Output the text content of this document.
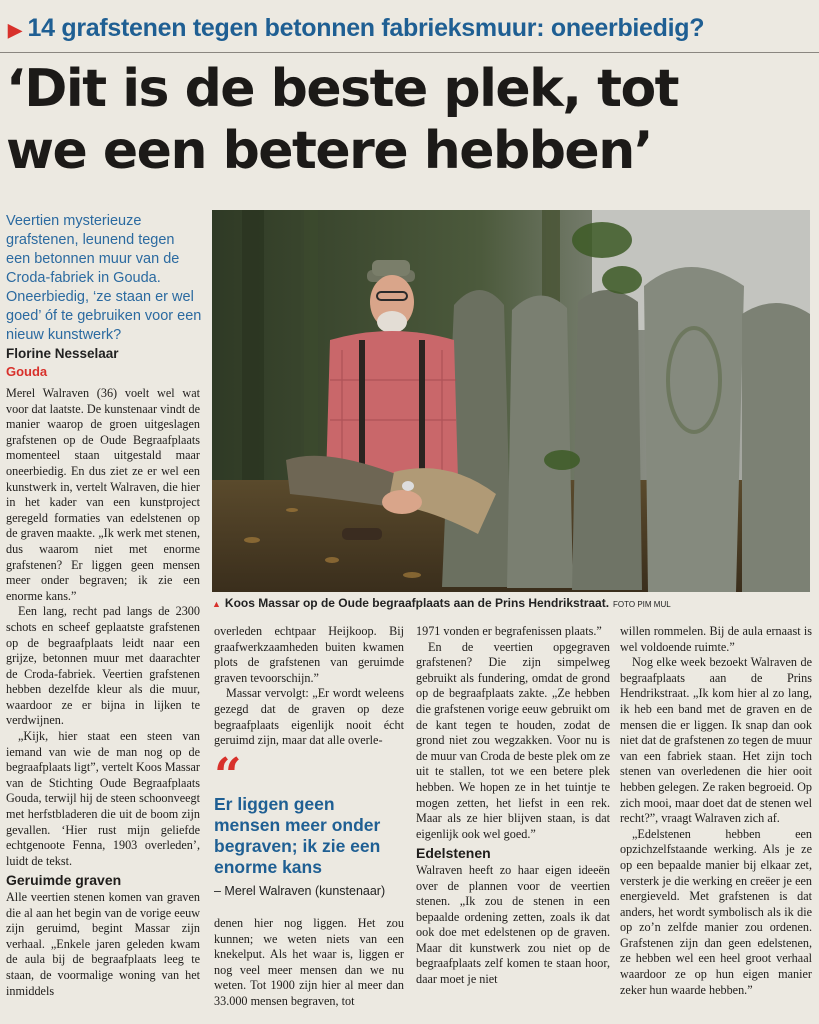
▶ 14 grafstenen tegen betonnen fabrieksmuur: oneerbiedig?
‘Dit is de beste plek, tot
we een betere hebben’
Veertien mysterieuze grafstenen, leunend tegen een betonnen muur van de Croda-fabriek in Gouda. Oneerbiedig, ‘ze staan er wel goed’ óf te gebruiken voor een nieuw kunstwerk?
Florine Nesselaar
Gouda
▲ Koos Massar op de Oude begraafplaats aan de Prins Hendrikstraat. FOTO PIM MUL

Merel Walraven (36) voelt wel wat voor dat laatste. De kunstenaar vindt de manier waarop de groen uitgeslagen grafstenen op de Oude Begraafplaats momenteel staan uitgestald maar oneerbiedig. En dus ziet ze er wel een kunstwerk in, vertelt Walraven, die hier in het kader van een kunstproject geregeld formaties van edelstenen op de graven maakte. „Ik werk met stenen, dus waarom niet met enorme grafstenen? Er liggen geen mensen meer onder begraven; ik zie een enorme kans.”

Een lang, recht pad langs de 2300 schots en scheef geplaatste grafstenen op de begraafplaats leidt naar een grijze, betonnen muur met daarachter de Croda-fabriek. Veertien grafstenen hebben dezelfde kleur als die muur, waardoor ze er bijna in lijken te verdwijnen.

„Kijk, hier staat een steen van iemand van wie de man nog op de begraafplaats ligt”, vertelt Koos Massar van de Stichting Oude Begraafplaats Gouda, terwijl hij de steen schoonveegt met herfstbladeren die uit de boom zijn gevallen. ‘Hier rust mijn geliefde echtgenoote Fenna, 1903 overleden’, luidt de tekst.

Geruimde graven

Alle veertien stenen komen van graven die al aan het begin van de vorige eeuw zijn geruimd, begint Massar zijn verhaal. „Enkele jaren geleden kwam de aula bij de begraafplaats leeg te staan, de voormalige woning van het inmiddels

overleden echtpaar Heijkoop. Bij graafwerkzaamheden buiten kwamen plots de grafstenen van geruimde graven tevoorschijn.”

Massar vervolgt: „Er wordt weleens gezegd dat de graven op deze begraafplaats eigenlijk nooit écht geruimd zijn, maar dat alle overle-

“
Er liggen geen mensen meer onder begraven; ik zie een enorme kans
– Merel Walraven (kunstenaar)

denen hier nog liggen. Het zou kunnen; we weten niets van een knekelput. Als het waar is, liggen er nog veel meer mensen dan we nu weten. Tot 1900 zijn hier al meer dan 33.000 mensen begraven, tot

1971 vonden er begrafenissen plaats.”

En de veertien opgegraven grafstenen? Die zijn simpelweg gebruikt als fundering, omdat de grond op de begraafplaats zakte. „Ze hebben die grafstenen vorige eeuw gebruikt om de kant tegen te houden, zodat de grond niet zou wegzakken. Voor nu is de muur van Croda de beste plek om ze uit te stallen, tot we een betere plek hebben. We hopen ze in het tuintje te mogen zetten, het liefst in een rek. Maar als ze hier blijven staan, is dat eigenlijk ook wel goed.”

Edelstenen

Walraven heeft zo haar eigen ideeën over de plannen voor de veertien stenen. „Ik zou de stenen in een bepaalde ordening zetten, zoals ik dat ook doe met edelstenen op de graven. Maar dit kunstwerk zou niet op de begraafplaats zelf komen te staan hoor, daar moet je niet

willen rommelen. Bij de aula ernaast is wel voldoende ruimte.”

Nog elke week bezoekt Walraven de begraafplaats aan de Prins Hendrikstraat. „Ik kom hier al zo lang, ik heb een band met de graven en de mensen die er liggen. Ik snap dan ook niet dat de grafstenen zo tegen de muur van een fabriek staan. Het zijn toch stenen van overledenen die hier ooit hebben gelegen. Ze raken begroeid. Op zich mooi, maar doet dat de stenen wel recht?”, vraagt Walraven zich af.

„Edelstenen hebben een opzichzelfstaande werking. Als je ze op een bepaalde manier bij elkaar zet, versterk je die werking en creëer je een energieveld. Met grafstenen is dat anders, het wordt symbolisch als ik die op zo’n zelfde manier zou ordenen. Grafstenen zijn dan geen edelstenen, ze hebben wel een heel groot verhaal waardoor ze op hun eigen manier zeker hun waarde hebben.”
